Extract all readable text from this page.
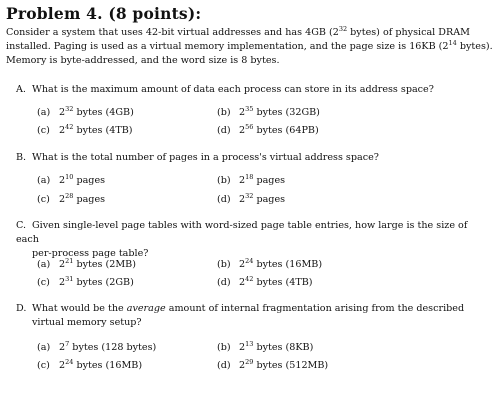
Problem 4. (8 points):
Consider a system that uses 42-bit virtual addresses and has 4GB ($2^{32}$ bytes) of physical DRAM
installed. Paging is used as a virtual memory implementation, and the page size is 16KB ($2^{14}$ bytes).
Memory is byte-addressed, and the word size is 8 bytes.
A. What is the maximum amount of data each process can store in its address space?
(a) $2^{32}$ bytes (4GB)	(b) $2^{35}$ bytes (32GB)
(c) $2^{42}$ bytes (4TB)	(d) $2^{56}$ bytes (64PB)
B. What is the total number of pages in a process's virtual address space?
(a) $2^{10}$ pages	(b) $2^{18}$ pages
(c) $2^{28}$ pages	(d) $2^{32}$ pages
C. Given single-level page tables with word-sized page table entries, how large is the size of each
per-process page table?
(a) $2^{21}$ bytes (2MB)	(b) $2^{24}$ bytes (16MB)
(c) $2^{31}$ bytes (2GB)	(d) $2^{42}$ bytes (4TB)
D. What would be the average amount of internal fragmentation arising from the described
virtual memory setup?
(a) $2^7$ bytes (128 bytes)	(b) $2^{13}$ bytes (8KB)
(c) $2^{24}$ bytes (16MB)	(d) $2^{29}$ bytes (512MB)
